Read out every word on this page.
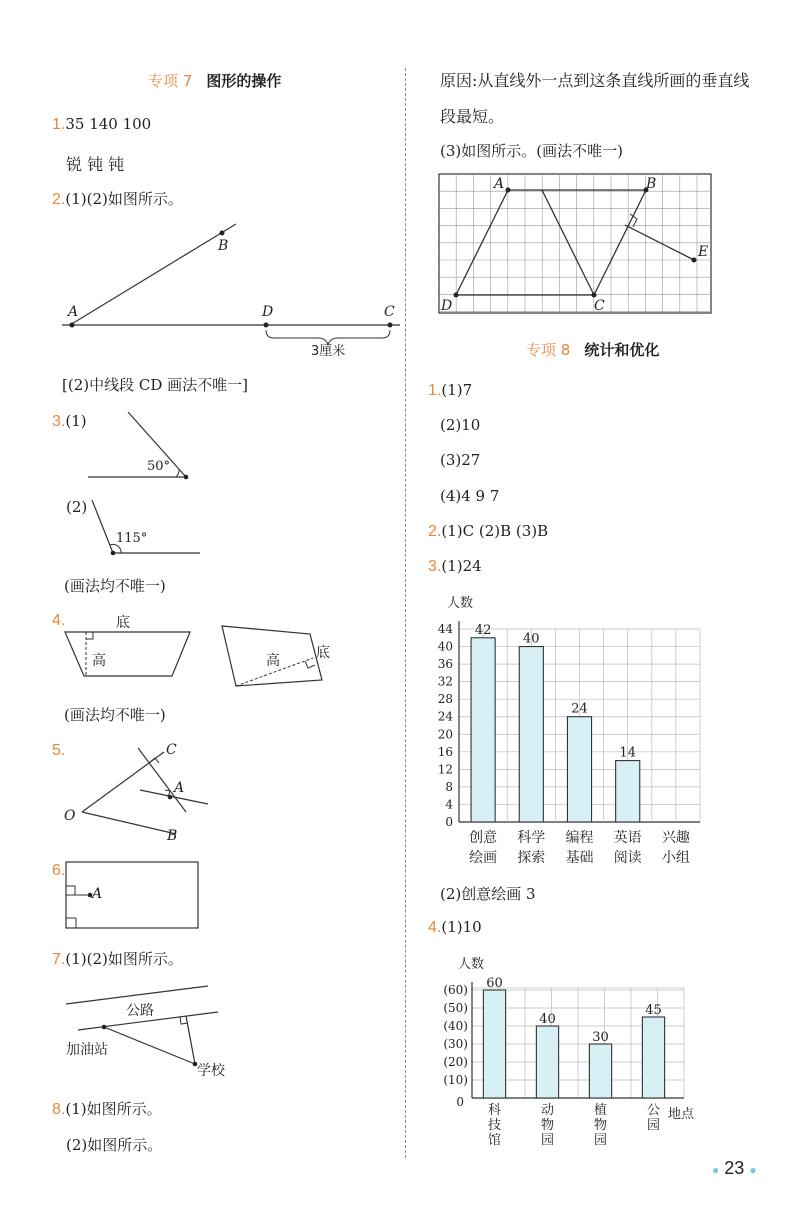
专项 7 图形的操作
1.35 140 100
锐 钝 钝
2.(1)(2)如图所示。
A
B
D	C
3厘米
[(2)中线段 CD 画法不唯一]
3.(1)
50°
(2)
115°
(画法均不唯一)
4.	底
高	高	底
(画法均不唯一)
5.	C
A
O
B
6.
A
7.(1)(2)如图所示。
公路
加油站
学校
8.(1)如图所示。
(2)如图所示。
原因:从直线外一点到这条直线所画的垂直线
段最短。
(3)如图所示。(画法不唯一)
A	B
D	C
E
专项 8 统计和优化
1.(1)7
(2)10
(3)27
(4)4 9 7
2.(1)C (2)B (3)B
3.(1)24
0
4
8
12
16
20
24
28
32
36
40
44
人数
42
创意
绘画
40
科学
探索
24
编程
基础
14
英语
阅读
兴趣
小组
(2)创意绘画 3
4.(1)10
0
(10)
(20)
(30)
(40)
(50)
(60)
人数
地点
60
科
技
馆
40
动
物
园
30
植
物
园
45
公
园
● 23 ●
